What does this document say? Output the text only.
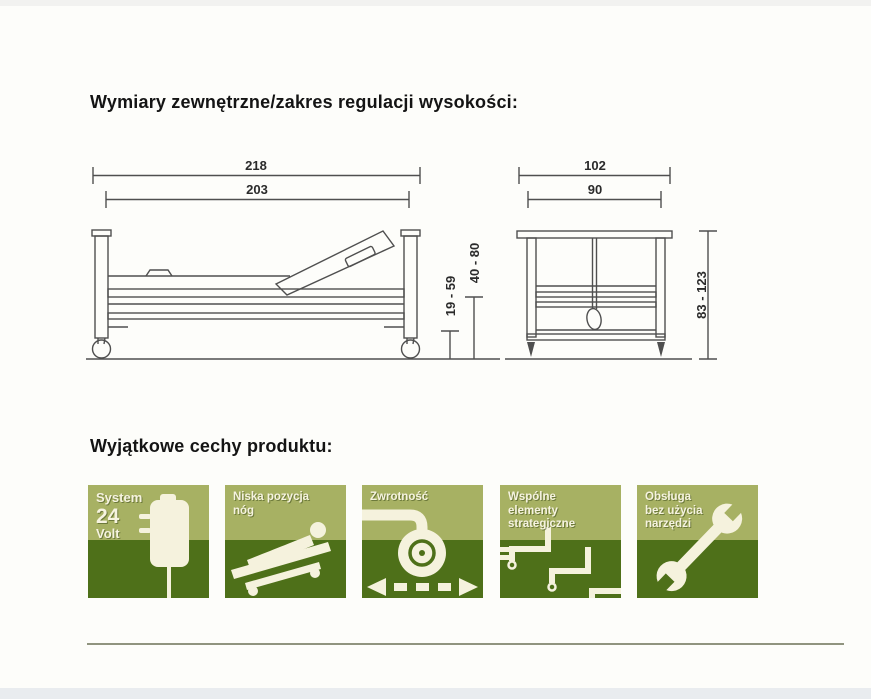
Wymiary zewnętrzne/zakres regulacji wysokości:
218
203
19 - 59
40 - 80
102
90
83 - 123
Wyjątkowe cechy produktu:
System
24
Volt
Niska pozycja
nóg
Zwrotność	Wspólne
elementy
strategiczne
Obsługa
bez użycia
narzędzi
